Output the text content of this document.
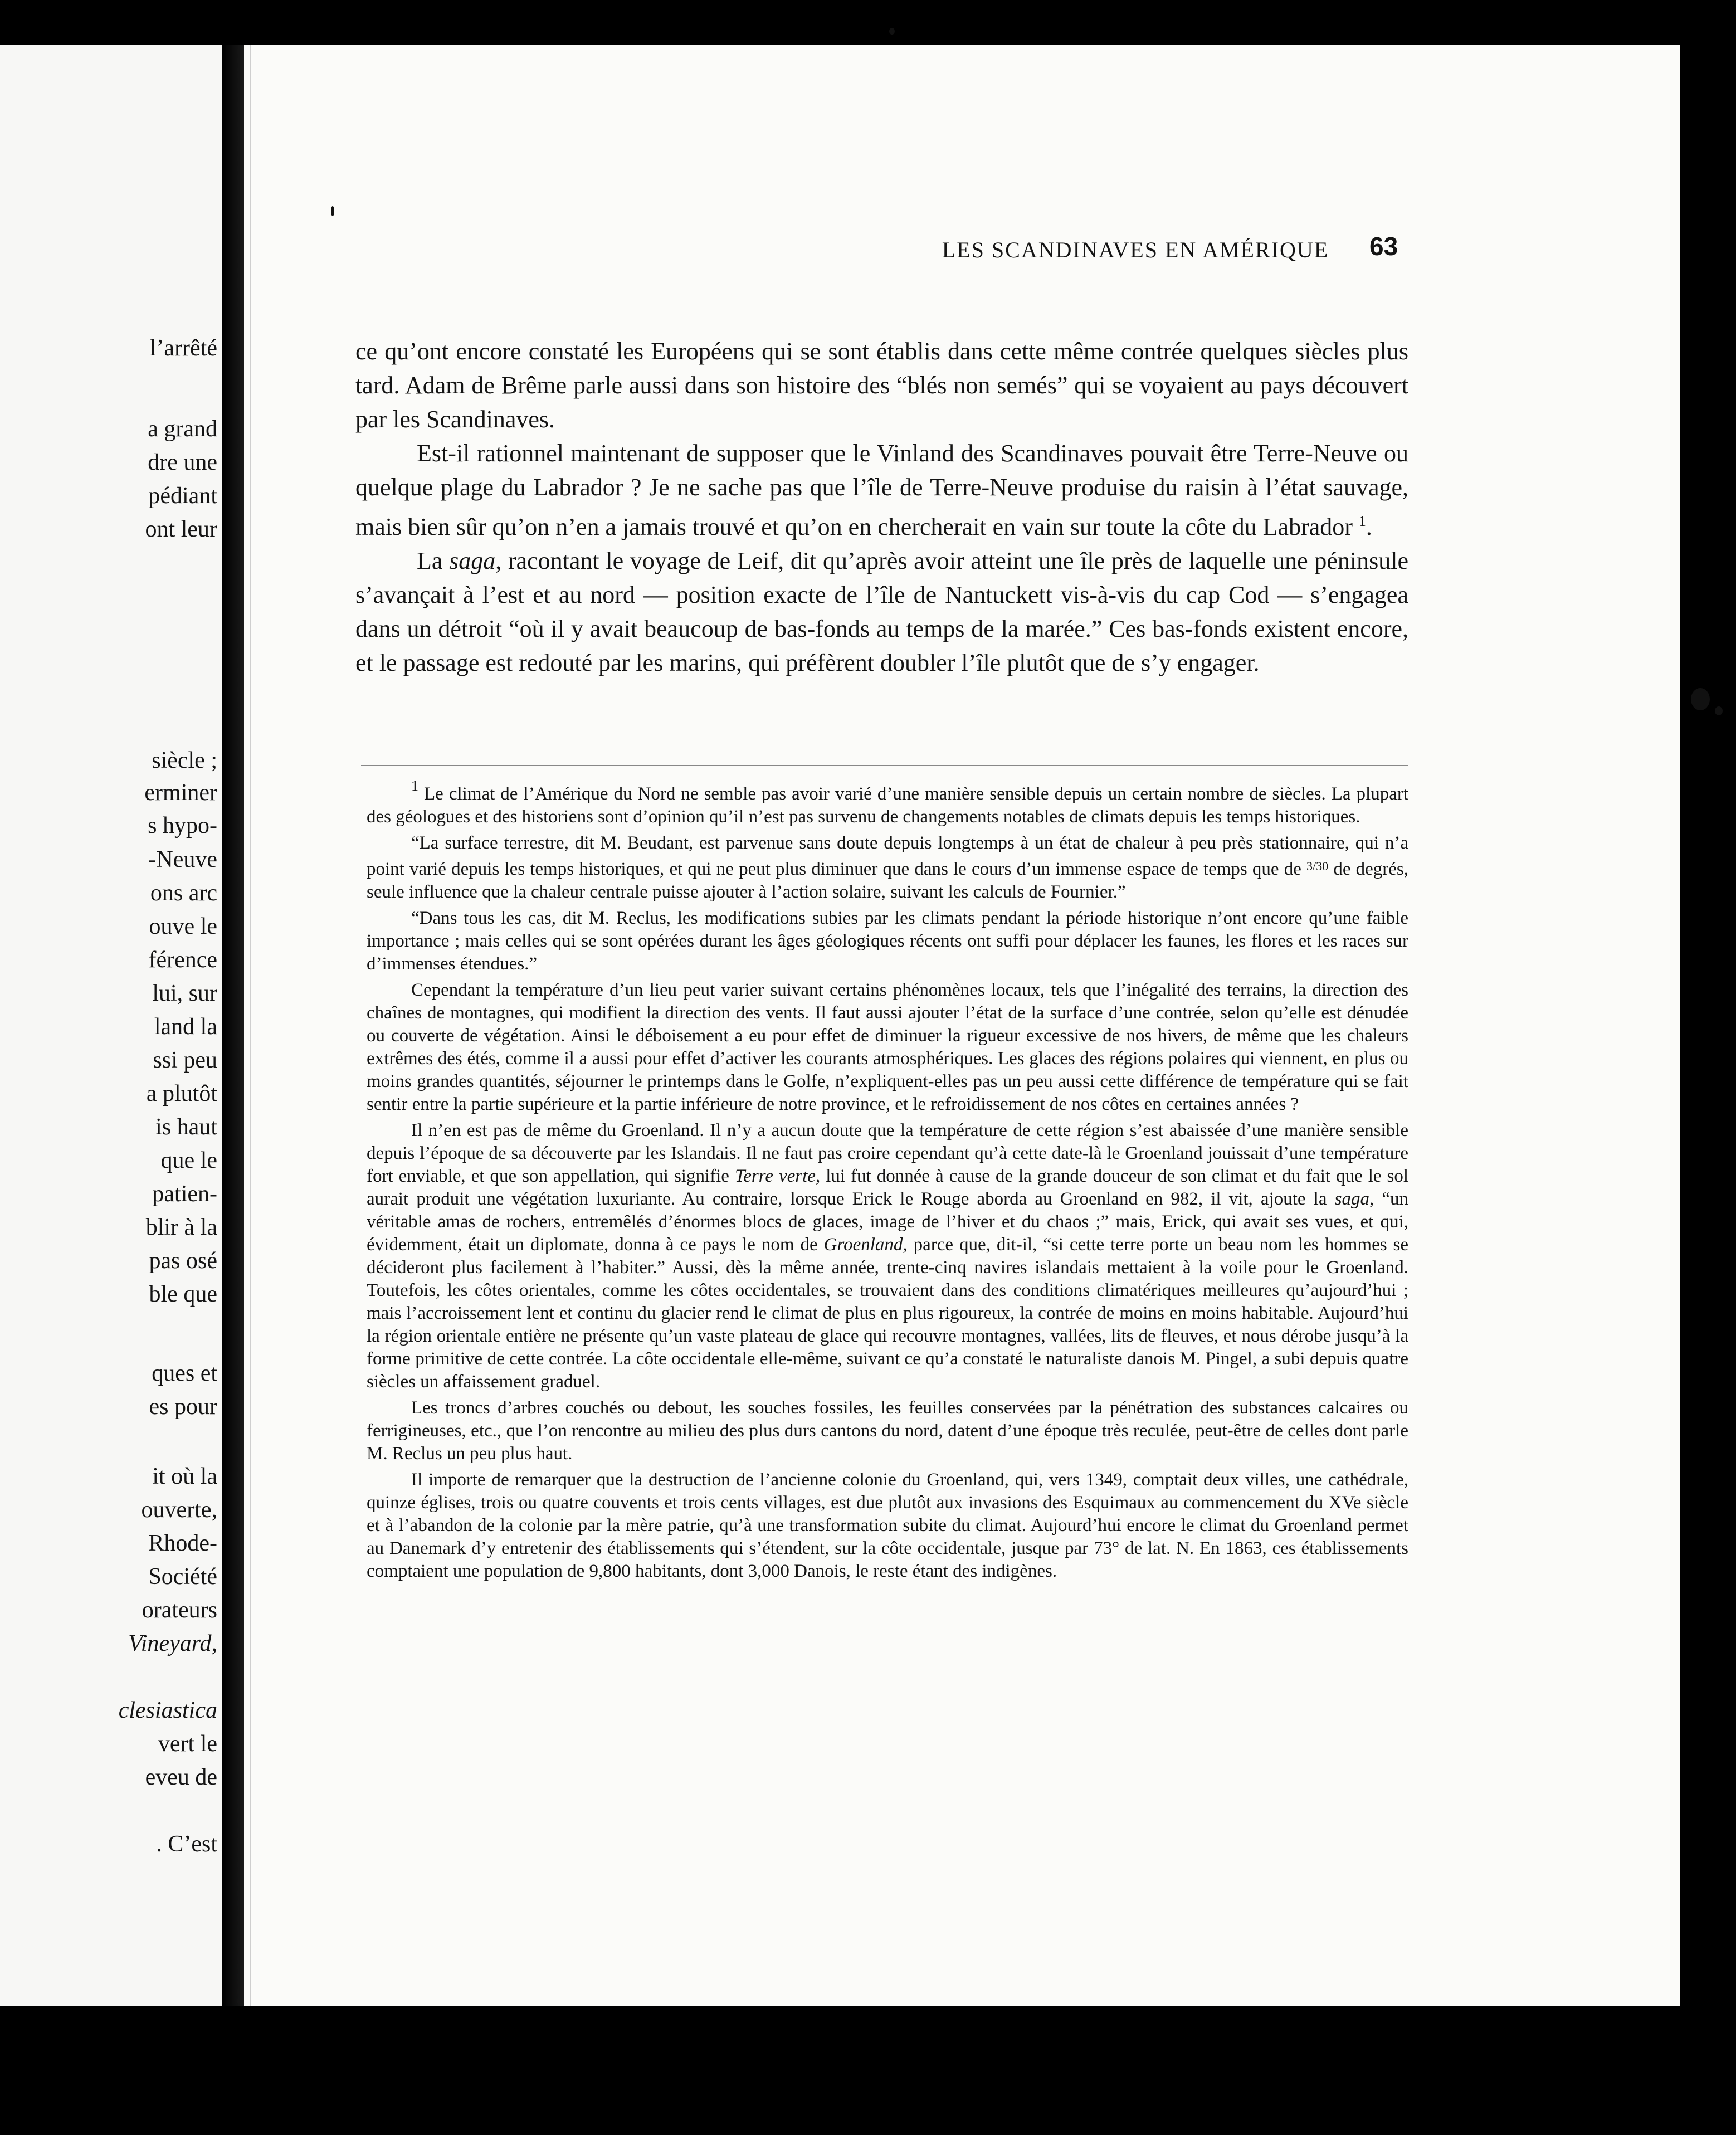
l’arrêté

a grand

dre une

pédiant

ont leur

siècle ;

erminer

s hypo-

-Neuve

ons arc

ouve le

férence

lui, sur

land la

ssi peu

a plutôt

is haut

que le

patien-

blir à la

pas osé

ble que

ques et

es pour

it où la

ouverte,

Rhode-

Société

orateurs

Vineyard,

clesiastica

vert le

eveu de

. C’est

LES SCANDINAVES EN AMÉRIQUE	63

ce qu’ont encore constaté les Européens qui se sont établis dans cette même contrée quelques siècles plus tard. Adam de Brême parle aussi dans son histoire des “blés non semés” qui se voyaient au pays découvert par les Scandinaves.

Est-il rationnel maintenant de supposer que le Vinland des Scandinaves pouvait être Terre-Neuve ou quelque plage du Labrador ? Je ne sache pas que l’île de Terre-Neuve produise du raisin à l’état sauvage, mais bien sûr qu’on n’en a jamais trouvé et qu’on en chercherait en vain sur toute la côte du Labrador $^1$.

La saga, racontant le voyage de Leif, dit qu’après avoir atteint une île près de laquelle une péninsule s’avançait à l’est et au nord — position exacte de l’île de Nantuckett vis-à-vis du cap Cod — s’engagea dans un détroit “où il y avait beaucoup de bas-fonds au temps de la marée.” Ces bas-fonds existent encore, et le passage est redouté par les marins, qui préfèrent doubler l’île plutôt que de s’y engager.

$^1$ Le climat de l’Amérique du Nord ne semble pas avoir varié d’une manière sensible depuis un certain nombre de siècles. La plupart des géologues et des historiens sont d’opinion qu’il n’est pas survenu de changements notables de climats depuis les temps historiques.

“La surface terrestre, dit M. Beudant, est parvenue sans doute depuis longtemps à un état de chaleur à peu près stationnaire, qui n’a point varié depuis les temps historiques, et qui ne peut plus diminuer que dans le cours d’un immense espace de temps que de $^{3/30}$ de degrés, seule influence que la chaleur centrale puisse ajouter à l’action solaire, suivant les calculs de Fournier.”

“Dans tous les cas, dit M. Reclus, les modifications subies par les climats pendant la période historique n’ont encore qu’une faible importance ; mais celles qui se sont opérées durant les âges géologiques récents ont suffi pour déplacer les faunes, les flores et les races sur d’immenses étendues.”

Cependant la température d’un lieu peut varier suivant certains phénomènes locaux, tels que l’inégalité des terrains, la direction des chaînes de montagnes, qui modifient la direction des vents. Il faut aussi ajouter l’état de la surface d’une contrée, selon qu’elle est dénudée ou couverte de végétation. Ainsi le déboisement a eu pour effet de diminuer la rigueur excessive de nos hivers, de même que les chaleurs extrêmes des étés, comme il a aussi pour effet d’activer les courants atmosphériques. Les glaces des régions polaires qui viennent, en plus ou moins grandes quantités, séjourner le printemps dans le Golfe, n’expliquent-elles pas un peu aussi cette différence de température qui se fait sentir entre la partie supérieure et la partie inférieure de notre province, et le refroidissement de nos côtes en certaines années ?

Il n’en est pas de même du Groenland. Il n’y a aucun doute que la température de cette région s’est abaissée d’une manière sensible depuis l’époque de sa découverte par les Islandais. Il ne faut pas croire cependant qu’à cette date-là le Groenland jouissait d’une température fort enviable, et que son appellation, qui signifie Terre verte, lui fut donnée à cause de la grande douceur de son climat et du fait que le sol aurait produit une végétation luxuriante. Au contraire, lorsque Erick le Rouge aborda au Groenland en 982, il vit, ajoute la saga, “un véritable amas de rochers, entremêlés d’énormes blocs de glaces, image de l’hiver et du chaos ;” mais, Erick, qui avait ses vues, et qui, évidemment, était un diplomate, donna à ce pays le nom de Groenland, parce que, dit-il, “si cette terre porte un beau nom les hommes se décideront plus facilement à l’habiter.” Aussi, dès la même année, trente-cinq navires islandais mettaient à la voile pour le Groenland. Toutefois, les côtes orientales, comme les côtes occidentales, se trouvaient dans des conditions climatériques meilleures qu’aujourd’hui ; mais l’accroissement lent et continu du glacier rend le climat de plus en plus rigoureux, la contrée de moins en moins habitable. Aujourd’hui la région orientale entière ne présente qu’un vaste plateau de glace qui recouvre montagnes, vallées, lits de fleuves, et nous dérobe jusqu’à la forme primitive de cette contrée. La côte occidentale elle-même, suivant ce qu’a constaté le naturaliste danois M. Pingel, a subi depuis quatre siècles un affaissement graduel.

Les troncs d’arbres couchés ou debout, les souches fossiles, les feuilles conservées par la pénétration des substances calcaires ou ferrigineuses, etc., que l’on rencontre au milieu des plus durs cantons du nord, datent d’une époque très reculée, peut-être de celles dont parle M. Reclus un peu plus haut.

Il importe de remarquer que la destruction de l’ancienne colonie du Groenland, qui, vers 1349, comptait deux villes, une cathédrale, quinze églises, trois ou quatre couvents et trois cents villages, est due plutôt aux invasions des Esquimaux au commencement du XVe siècle et à l’abandon de la colonie par la mère patrie, qu’à une transformation subite du climat. Aujourd’hui encore le climat du Groenland permet au Danemark d’y entretenir des établissements qui s’étendent, sur la côte occidentale, jusque par 73° de lat. N. En 1863, ces établissements comptaient une population de 9,800 habitants, dont 3,000 Danois, le reste étant des indigènes.
